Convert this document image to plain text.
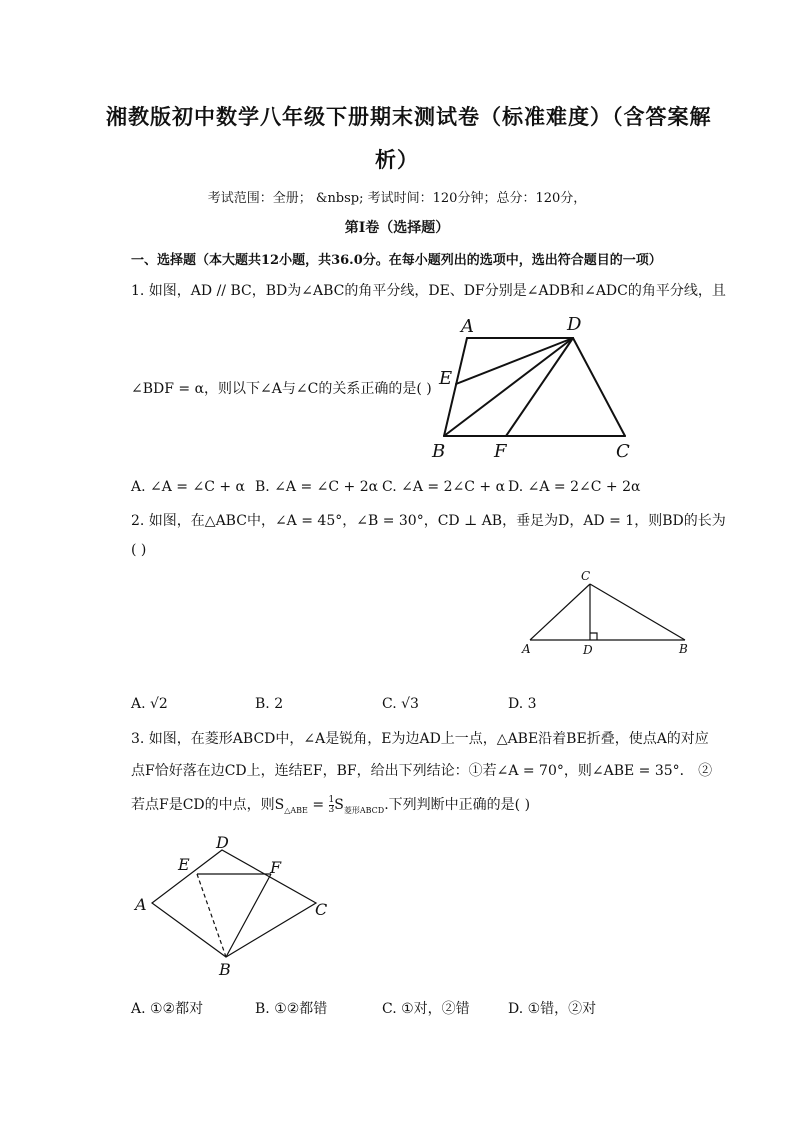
湘教版初中数学八年级下册期末测试卷（标准难度）（含答案解
析）
考试范围：全册； &nbsp; 考试时间：120分钟；总分：120分，
第I卷（选择题）
一、选择题（本大题共12小题，共36.0分。在每小题列出的选项中，选出符合题目的一项）
1. 如图，AD // BC，BD为∠ABC的角平分线，DE、DF分别是∠ADB和∠ADC的角平分线，且
∠BDF = α，则以下∠A与∠C的关系正确的是( )
A	D
E
B	F	C
A. ∠A = ∠C + α B. ∠A = ∠C + 2α C. ∠A = 2∠C + α D. ∠A = 2∠C + 2α
2. 如图，在△ABC中，∠A = 45°，∠B = 30°，CD ⊥ AB，垂足为D，AD = 1，则BD的长为
( )
C
A	D	B
A. √2	B. 2	C. √3	D. 3
3. 如图，在菱形ABCD中，∠A是锐角，E为边AD上一点，△ABE沿着BE折叠，使点A的对应
点F恰好落在边CD上，连结EF，BF，给出下列结论：①若∠A = 70°，则∠ABE = 35°． ②
若点F是CD的中点，则$S_{\triangle ABE} = \frac{1}{3} S_{菱形ABCD}$.下列判断中正确的是( )
D
E	F
A	C
B
A. ①②都对	B. ①②都错	C. ①对，②错	D. ①错，②对
